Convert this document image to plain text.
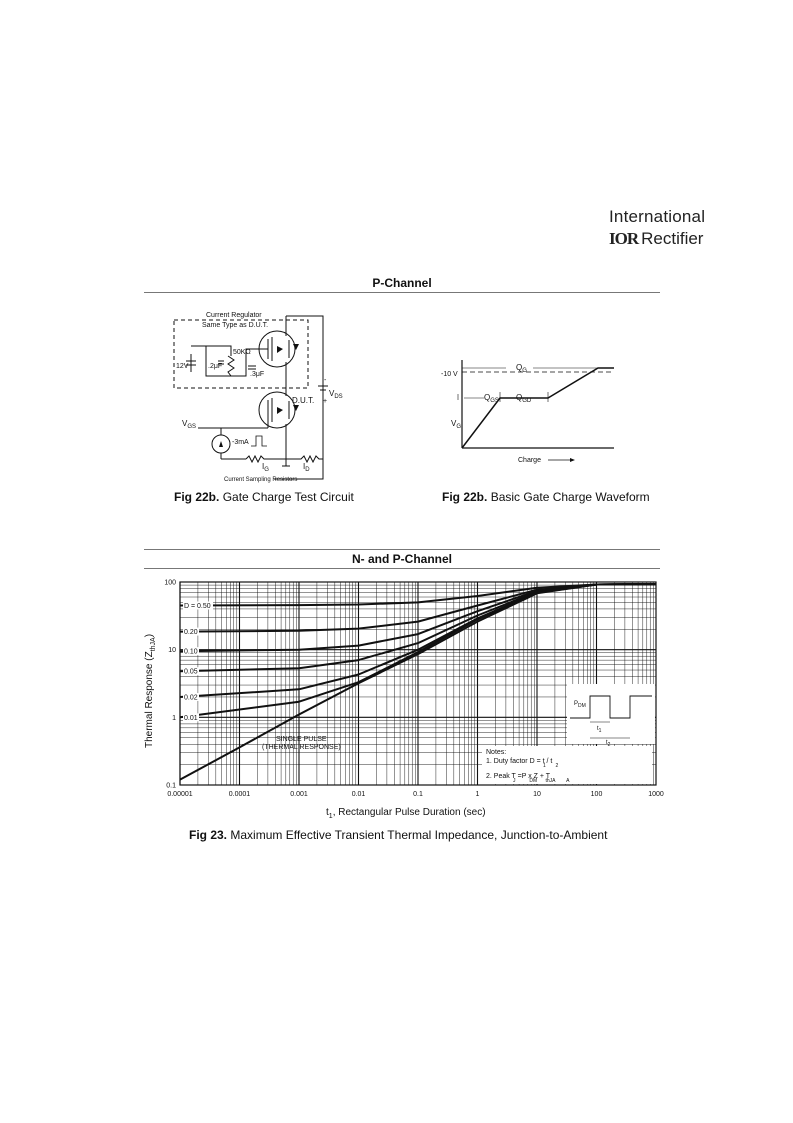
International
IOR Rectifier
P-Channel
Current Regulator
Same Type as D.U.T.
12V	.2μF
50KΩ
.3μF
D.U.T.
$V_{DS}$
+
-
$V_{GS}$
-3mA
$I_G$	$I_D$
Current Sampling Resistors
$Q_G$
-10 V
$Q_{GS}$ $Q_{GD}$
$V_G$
Charge
Fig 22b. Gate Charge Test Circuit	Fig 22b. Basic Gate Charge Waveform
N- and P-Channel
0.00001	0.0001	0.001	0.01	0.1	1	10	100	1000
0.1
1
10
100
D = 0.50
0.20
0.10
0.05
0.02
0.01
Notes:
1. Duty factor D = t / t
1       2
2. Peak T =P x Z + T
J          DM      thJA        A
$P_{DM}$
$t_1$
$t_2$
SINGLE PULSE
(THERMAL RESPONSE)
Thermal Response $(Z_{thJA})$
$t_1$, Rectangular Pulse Duration (sec)
Fig 23. Maximum Effective Transient Thermal Impedance, Junction-to-Ambient
